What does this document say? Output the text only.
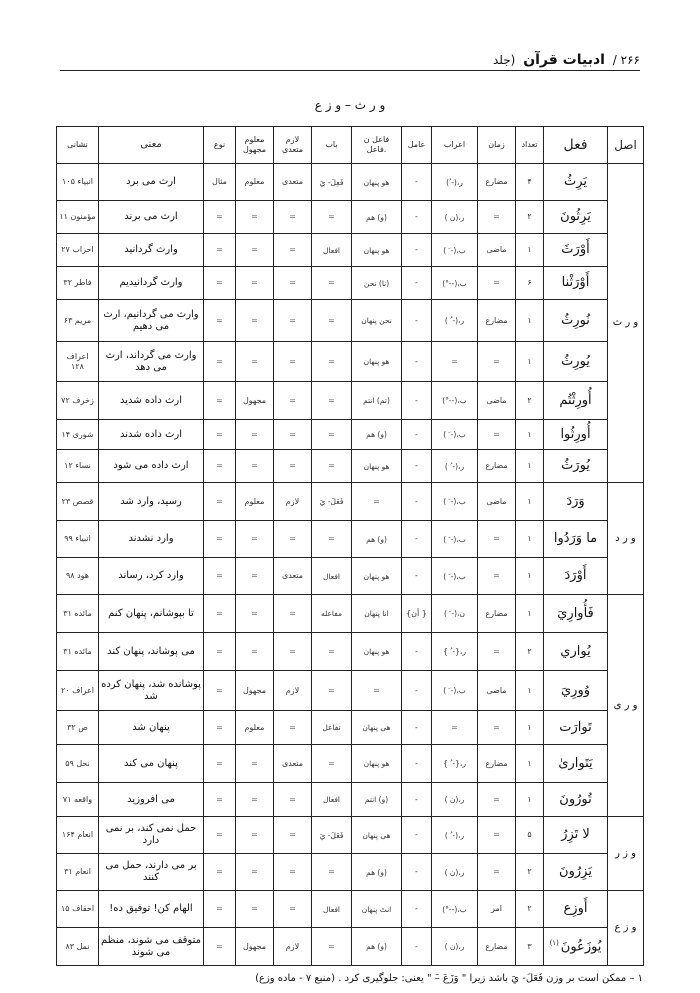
۲۶۶ / ادبیات قرآن (جلد
و ر ث – و ز ع
اصل	فعل	تعداد	زمان	اعراب	عامل	فاعل ن .فاعل	باب	لازم متعدی	معلوم مجهول	نوع	معنی	نشانی
و ر ث	يَرِثُ	۴	مضارع	ر،(- ُ)	-	هو پنهان	فَعِلَ- يَ	متعدی	معلوم	مثال	ارث می برد	انبياء ۱۰۵
	يَرِثُونَ	۲	=	ر،(ن )	-	(و) هم	=	=	=	=	ارث می برند	مؤمنون ۱۱
	أَوْرَثَ	۱	ماضی	ب،(- َ )	-	هو پنهان	افعال	=	=	=	وارث گردانید	احزاب ۲۷
	أَوْرَثْنا	۶	=	ب،(--°)	-	(نا) نحن	=	=	=	=	وارث گردانیدیم	فاطر ۳۲
	نُورِثُ	۱	مضارع	ر،(- ُ )	-	نحن پنهان	=	=	=	=	وارث می گردانیم، ارث می دهیم	مریم ۶۳
	يُورِثُ	۱	=	=	-	هو پنهان	=	=	=	=	وارث می گرداند، ارث می دهد	اعراف ۱۲۸
	أُورِثْتُم	۲	ماضی	ب،(--°)	-	(تم) انتم	=	=	مجهول	=	ارث داده شدید	زخرف ۷۲
	أُورِثُوا	۱	=	ب،(- َ )	-	(و) هم	=	=	=	=	ارث داده شدند	شوری ۱۴
	يُورَثُ	۱	مضارع	ر،(- ُ )	-	هو پنهان	=	=	=	=	ارث داده می شود	نساء ۱۲
و ر د	وَرَدَ	۱	ماضی	ب،(- َ )	-	=	فَعَلَ- يَ	لازم	معلوم	=	رسید، وارد شد	قصص ۲۳
	ما وَرَدُوا	۱	=	ب،(- َ )	-	(و) هم	=	=	=	=	وارد نشدند	انبياء ۹۹
	أَوْرَدَ	۱	=	ب،(- َ )	-	هو پنهان	افعال	متعدی	=	=	وارد کرد، رساند	هود ۹۸
و ر ی	فَأُوارِيَ	۱	مضارع	ن،(- َ )	{ أن}	انا پنهان	مفاعله	=	=	=	تا بپوشانم، پنهان کنم	مائده ۳۱
	يُواري	۲	=	ر،{- ُ }	-	هو پنهان	=	=	=	=	می پوشاند، پنهان کند	مائده ۳۱
	وُورِيَ	۱	ماضی	ب،(- َ )	-	=	=	لازم	مجهول	=	پوشانده شد، پنهان کرده شد	اعراف ۲۰
	تَوارَت	۱	=	=	-	هی پنهان	تفاعل	=	معلوم	=	پنهان شد	ص ۳۲
	يَتَوارىٰ	۱	مضارع	ر،{- ُ }	-	هو پنهان	=	متعدی	=	=	پنهان می کند	نحل ۵۹
	تُورُونَ	۱	=	ر،(ن )	-	(و) انتم	افعال	=	=	=	می افروزید	واقعه ۷۱
و ز ر	لا تَزِرُ	۵	=	ر،(- ُ )	-	هی پنهان	فَعَلَ- يَ	=	=	=	حمل نمی کند، بر نمی دارد	انعام ۱۶۴
	يَزِرُونَ	۲	=	ر،(ن )	-	(و) هم	=	=	=	=	بر می دارند، حمل می کنند	انعام ۳۱
و ز ع	أَوزِع	۲	امر	ب،(--°)	-	انتَ پنهان	افعال	=	=	=	الهام کن! توفیق ده!	احقاف ۱۵
	يُوزَعُونَ$^{(۱)}$	۳	مضارع	ر،(ن )	-	(و) هم	=	لازم	مجهول	=	متوقف می شوند، منظم می شوند	نمل ۸۳
۱ – ممکن است بر وزن فَعَلَ- يَ باشد زیرا " وَزَعَ –َ " یعنی: جلوگیری کرد . (منبع ۷ - ماده وزع)
